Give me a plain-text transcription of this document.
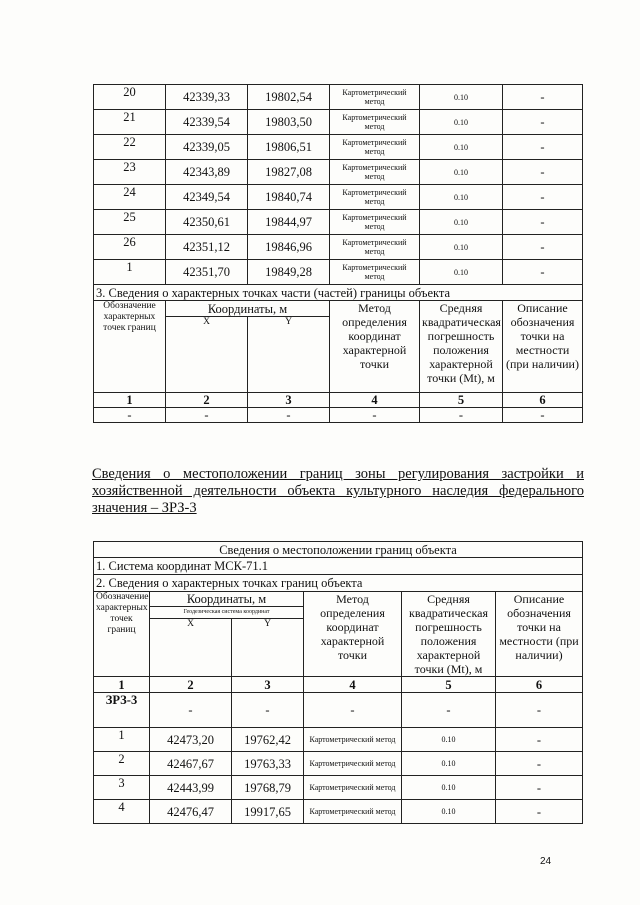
20	42339,33	19802,54	Картометрический метод	0.10	-
21	42339,54	19803,50	Картометрический метод	0.10	-
22	42339,05	19806,51	Картометрический метод	0.10	-
23	42343,89	19827,08	Картометрический метод	0.10	-
24	42349,54	19840,74	Картометрический метод	0.10	-
25	42350,61	19844,97	Картометрический метод	0.10	-
26	42351,12	19846,96	Картометрический метод	0.10	-
1	42351,70	19849,28	Картометрический метод	0.10	-
3. Сведения о характерных точках части (частей) границы объекта					
Обозначение характерных точек границ	Координаты, м		Метод определения координат характерной точки	Средняя квадратическая погрешность положения характерной точки (Mt), м	Описание обозначения точки на местности (при наличии)
	X	Y			
1	2	3	4	5	6
-	-	-	-	-	-
Сведения о местоположении границ зоны регулирования застройки и
хозяйственной деятельности объекта культурного наследия федерального
значения – ЗРЗ-3
Сведения о местоположении границ объекта					
1. Система координат МСК-71.1					
2. Сведения о характерных точках границ объекта					
Обозначение характерных точек границ	Координаты, м		Метод определения координат характерной точки	Средняя квадратическая погрешность положения характерной точки (Mt), м	Описание обозначения точки на местности (при наличии)
	Геодезическая система координат				
	X	Y			
1	2	3	4	5	6
ЗРЗ-3	-	-	-	-	-
1	42473,20	19762,42	Картометрический метод	0.10	-
2	42467,67	19763,33	Картометрический метод	0.10	-
3	42443,99	19768,79	Картометрический метод	0.10	-
4	42476,47	19917,65	Картометрический метод	0.10	-
24
